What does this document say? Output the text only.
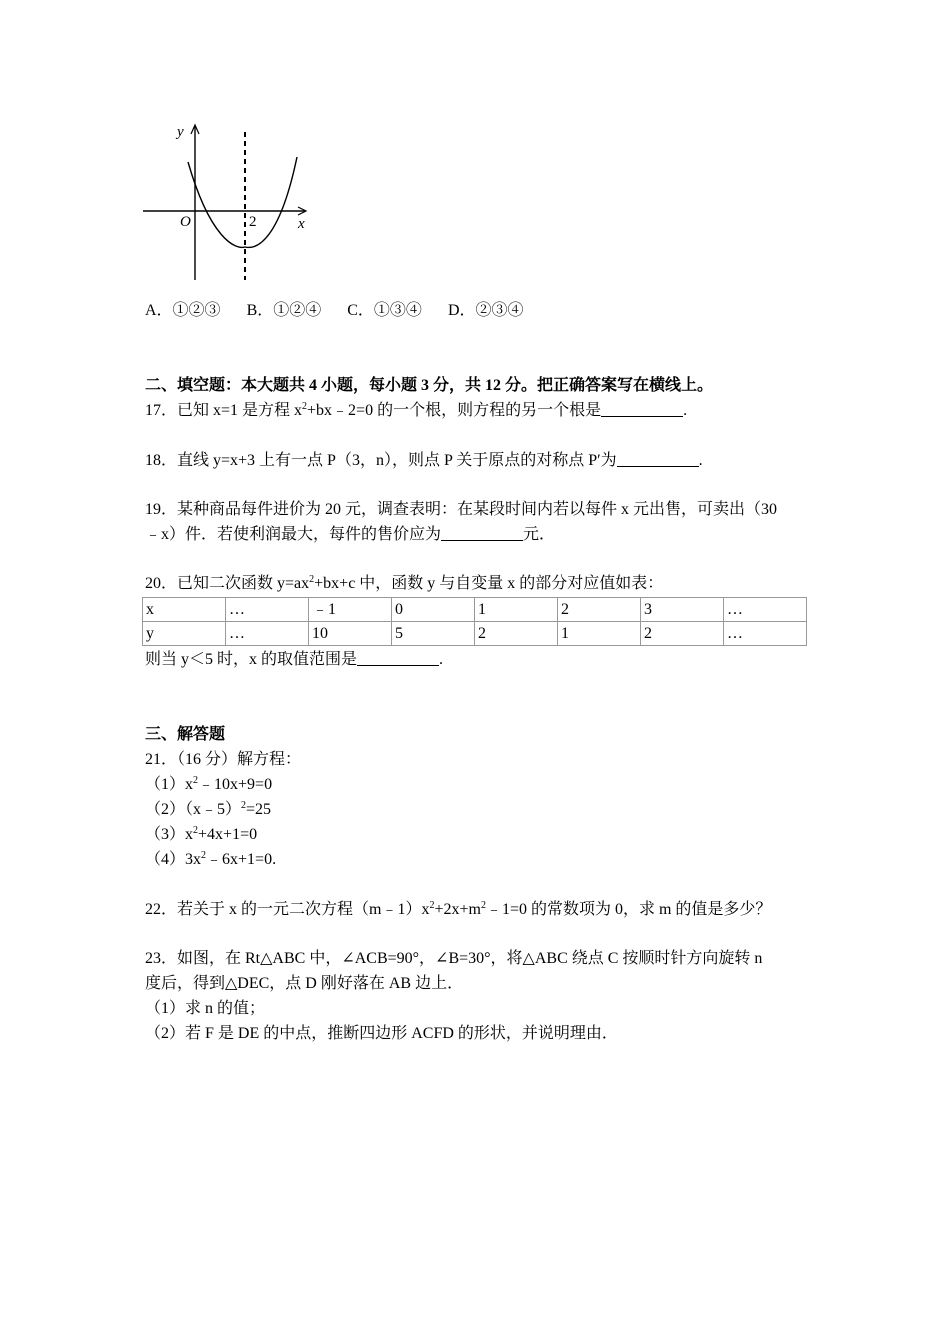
y
x
O	2
A．①②③ B．①②④ C．①③④ D．②③④
二、填空题：本大题共 4 小题，每小题 3 分，共 12 分。把正确答案写在横线上。
17．已知 x=1 是方程 $x^2+bx﹣2=0$ 的一个根，则方程的另一个根是	.
18．直线 y=x+3 上有一点 P（3，n），则点 P 关于原点的对称点 P′为	.
19．某种商品每件进价为 20 元，调查表明：在某段时间内若以每件 x 元出售，可卖出（30
﹣x）件．若使利润最大，每件的售价应为	元．
20．已知二次函数 $y=ax^2+bx+c$ 中，函数 y 与自变量 x 的部分对应值如表：
x	…	﹣1	0	1	2	3	…
y	…	10	5	2	1	2	…
则当 y＜5 时，x 的取值范围是	.
三、解答题
21．（16 分）解方程：
$(1)x^2﹣10x+9=0$
（2）（x﹣5）$^2$=25
$(3)x^2+4x+1=0$
$(4)3x^2﹣6x+1=0$.
22．若关于 x 的一元二次方程$(m﹣1)x^2+2x+m^2﹣1=0$ 的常数项为 0，求 m 的值是多少？
23．如图，在 Rt△ABC 中，∠ACB=90°，∠B=30°，将△ABC 绕点 C 按顺时针方向旋转 n
度后，得到△DEC，点 D 刚好落在 AB 边上．
（1）求 n 的值；
（2）若 F 是 DE 的中点，推断四边形 ACFD 的形状，并说明理由．
